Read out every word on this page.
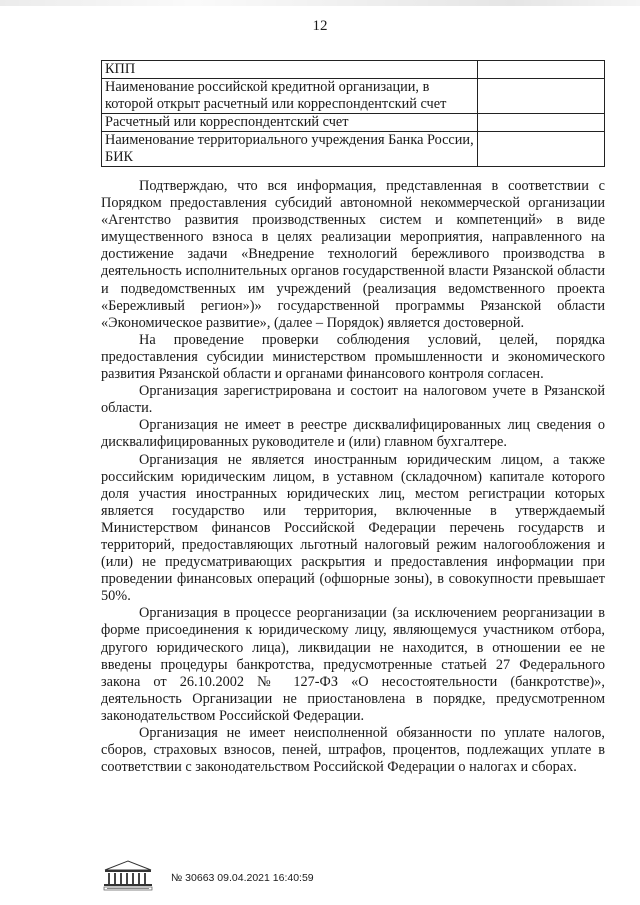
12
КПП	
Наименование российской кредитной организации, в которой открыт расчетный или корреспондентский счет	
Расчетный или корреспондентский счет	
Наименование территориального учреждения Банка России, БИК	

Подтверждаю, что вся информация, представленная в соответствии с Порядком предоставления субсидий автономной некоммерческой организации «Агентство развития производственных систем и компетенций» в виде имущественного взноса в целях реализации мероприятия, направленного на достижение задачи «Внедрение технологий бережливого производства в деятельность исполнительных органов государственной власти Рязанской области и подведомственных им учреждений (реализация ведомственного проекта «Бережливый регион»)» государственной программы Рязанской области «Экономическое развитие», (далее – Порядок) является достоверной.

На проведение проверки соблюдения условий, целей, порядка предоставления субсидии министерством промышленности и экономического развития Рязанской области и органами финансового контроля согласен.

Организация зарегистрирована и состоит на налоговом учете в Рязанской области.

Организация не имеет в реестре дисквалифицированных лиц сведения о дисквалифицированных руководителе и (или) главном бухгалтере.

Организация не является иностранным юридическим лицом, а также российским юридическим лицом, в уставном (складочном) капитале которого доля участия иностранных юридических лиц, местом регистрации которых является государство или территория, включенные в утверждаемый Министерством финансов Российской Федерации перечень государств и территорий, предоставляющих льготный налоговый режим налогообложения и (или) не предусматривающих раскрытия и предоставления информации при проведении финансовых операций (офшорные зоны), в совокупности превышает 50%.

Организация в процессе реорганизации (за исключением реорганизации в форме присоединения к юридическому лицу, являющемуся участником отбора, другого юридического лица), ликвидации не находится, в отношении ее не введены процедуры банкротства, предусмотренные статьей 27 Федерального закона от 26.10.2002 № 127-ФЗ «О несостоятельности (банкротстве)», деятельность Организации не приостановлена в порядке, предусмотренном законодательством Российской Федерации.

Организация не имеет неисполненной обязанности по уплате налогов, сборов, страховых взносов, пеней, штрафов, процентов, подлежащих уплате в соответствии с законодательством Российской Федерации о налогах и сборах.

№ 30663 09.04.2021 16:40:59
